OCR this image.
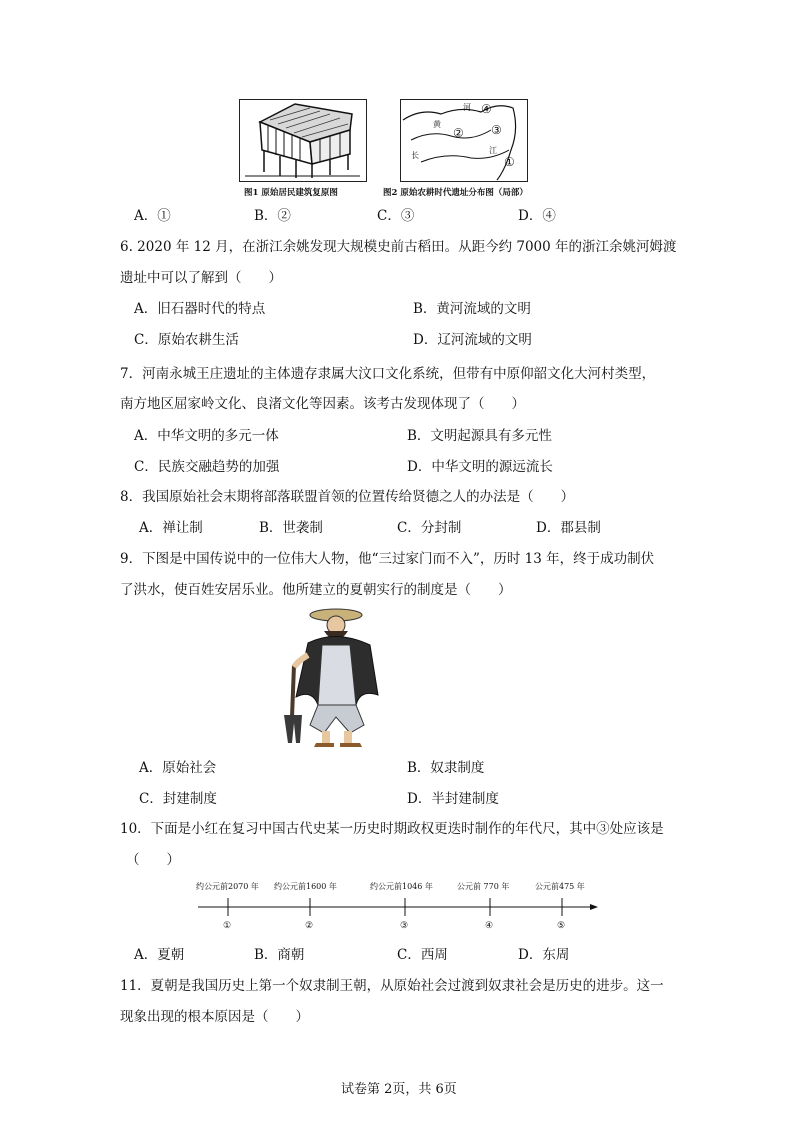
黄
河
长
江
①
② ③
④
图1 原始居民建筑复原图	图2 原始农耕时代遗址分布图（局部）
A．①	B．②	C．③	D．④
6. 2020 年 12 月，在浙江余姚发现大规模史前古稻田。从距今约 7000 年的浙江余姚河姆渡
遗址中可以了解到（　　）
A．旧石器时代的特点	B．黄河流域的文明
C．原始农耕生活	D．辽河流域的文明
7．河南永城王庄遗址的主体遗存隶属大汶口文化系统，但带有中原仰韶文化大河村类型，
南方地区屈家岭文化、良渚文化等因素。该考古发现体现了（　　）
A．中华文明的多元一体	B．文明起源具有多元性
C．民族交融趋势的加强	D．中华文明的源远流长
8．我国原始社会末期将部落联盟首领的位置传给贤德之人的办法是（　　）
A．禅让制	B．世袭制	C．分封制	D．郡县制
9．下图是中国传说中的一位伟大人物，他“三过家门而不入”，历时 13 年，终于成功制伏
了洪水，使百姓安居乐业。他所建立的夏朝实行的制度是（　　）
A．原始社会	B．奴隶制度
C．封建制度	D．半封建制度
10．下面是小红在复习中国古代史某一历史时期政权更迭时制作的年代尺，其中③处应该是
（　　）
约公元前2070 年 约公元前1600 年	约公元前1046 年	公元前 770 年	公元前475 年
①	②	③	④	⑤
A．夏朝	B．商朝	C．西周	D．东周
11．夏朝是我国历史上第一个奴隶制王朝，从原始社会过渡到奴隶社会是历史的进步。这一
现象出现的根本原因是（　　）
试卷第 2页，共 6页
